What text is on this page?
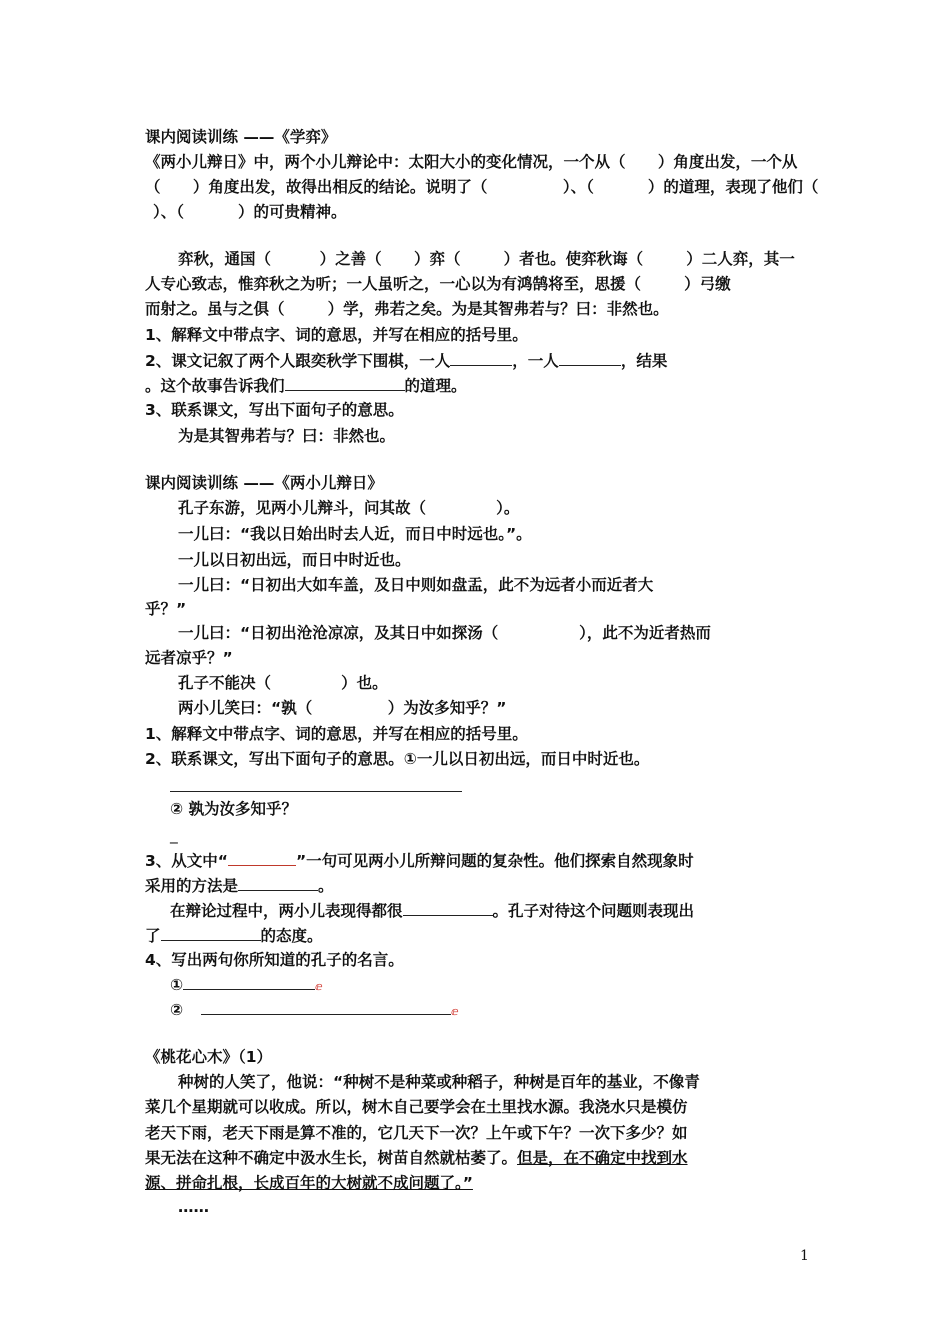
课内阅读训练 ——《学弈》
《两小儿辩日》中，两个小儿辩论中：太阳大小的变化情况，一个从（      ）角度出发，一个从
（      ）角度出发，故得出相反的结论。说明了（              ）、（          ）的道理，表现了他们（
）、（          ）的可贵精神。
弈秋，通国（         ）之善（      ）弈（        ）者也。使弈秋诲（        ）二人弈，其一
人专心致志，惟弈秋之为听；一人虽听之，一心以为有鸿鹄将至，思援（        ）弓缴
而射之。虽与之俱（        ）学，弗若之矣。为是其智弗若与？曰：非然也。
1、解释文中带点字、词的意思，并写在相应的括号里。
2、课文记叙了两个人跟奕秋学下围棋，一人	，一人	，结果
。这个故事告诉我们	的道理。
3、联系课文，写出下面句子的意思。
为是其智弗若与？曰：非然也。
课内阅读训练 ——《两小儿辩日》
孔子东游，见两小儿辩斗，问其故（             ）。
一儿曰：“我以日始出时去人近，而日中时远也。”。
一儿以日初出远，而日中时近也。
一儿曰：“日初出大如车盖，及日中则如盘盂，此不为远者小而近者大
乎？”
一儿曰：“日初出沧沧凉凉，及其日中如探汤（               ），此不为近者热而
远者凉乎？”
孔子不能决（             ）也。
两小儿笑曰：“孰（              ）为汝多知乎？”
1、解释文中带点字、词的意思，并写在相应的括号里。
2、联系课文，写出下面句子的意思。①一儿以日初出远，而日中时近也。
② 孰为汝多知乎？
_
3、从文中“	”一句可见两小儿所辩问题的复杂性。他们探索自然现象时
采用的方法是	。
在辩论过程中，两小儿表现得都很	。孔子对待这个问题则表现出
了	的态度。
4、写出两句你所知道的孔子的名言。
①	ⅇ
②	ⅇ
《桃花心木》（1）
种树的人笑了，他说：“种树不是种菜或种稻子，种树是百年的基业，不像青
菜几个星期就可以收成。所以，树木自己要学会在土里找水源。我浇水只是模仿
老天下雨，老天下雨是算不准的，它几天下一次？上午或下午？一次下多少？如
果无法在这种不确定中汲水生长，树苗自然就枯萎了。但是，在不确定中找到水
源、拼命扎根，长成百年的大树就不成问题了。”
……
1
